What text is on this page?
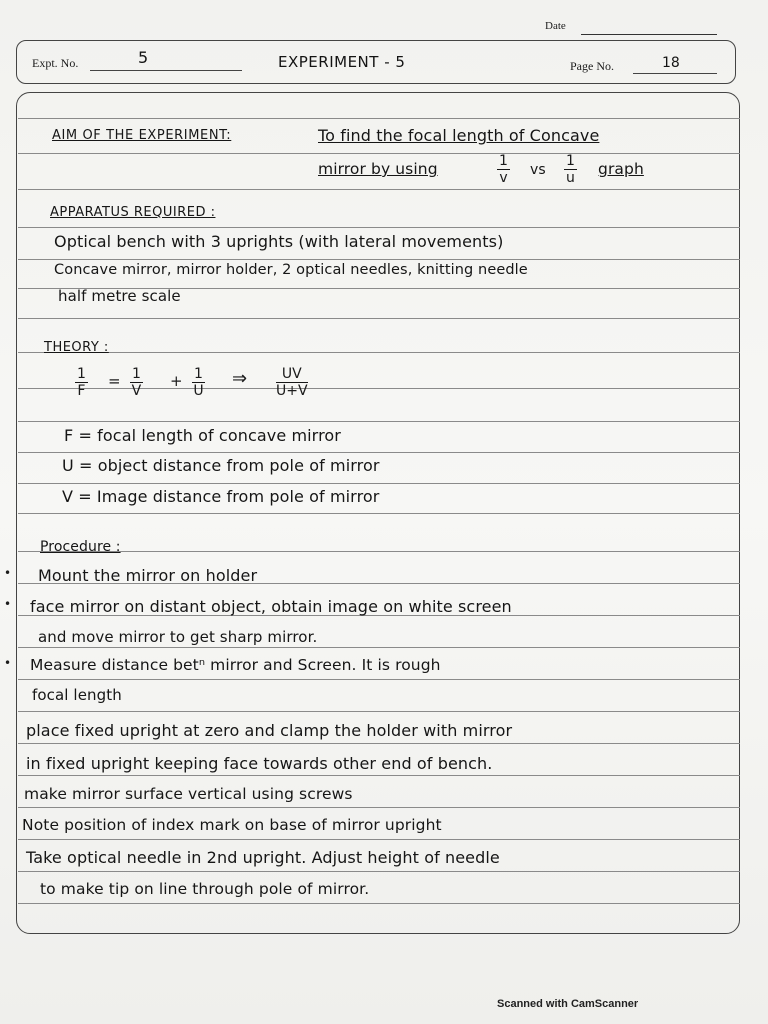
Date
Expt. No.	5	EXPERIMENT - 5	Page No.	18
AIM OF THE EXPERIMENT:	To find the focal length of Concave
mirror by using	$\frac{1}{v}$ vs $\frac{1}{u}$ graph
APPARATUS REQUIRED :
Optical bench with 3 uprights (with lateral movements)
Concave mirror, mirror holder, 2 optical needles, knitting needle
half metre scale
THEORY :
$\frac{1}{F} = \frac{1}{V} + \frac{1}{U}$ ⇒ $\frac{UV}{U+V}$
F = focal length of concave mirror
U = object distance from pole of mirror
V = Image distance from pole of mirror
Procedure :
• Mount the mirror on holder
• face mirror on distant object, obtain image on white screen
and move mirror to get sharp mirror.
• Measure distance betⁿ mirror and Screen. It is rough
focal length
place fixed upright at zero and clamp the holder with mirror
in fixed upright keeping face towards other end of bench.
make mirror surface vertical using screws
Note position of index mark on base of mirror upright
Take optical needle in 2nd upright. Adjust height of needle
to make tip on line through pole of mirror.
Scanned with CamScanner
